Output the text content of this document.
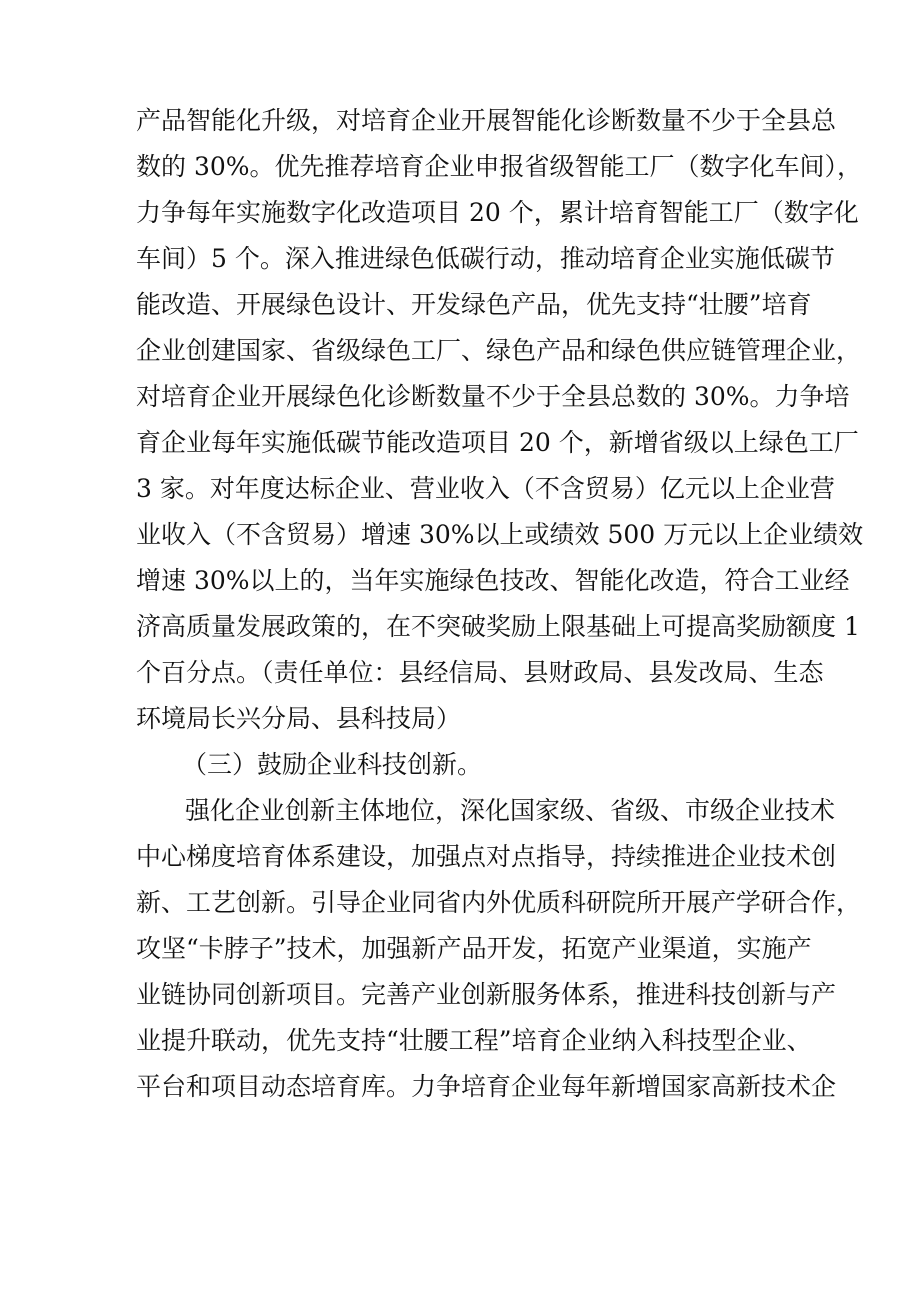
产品智能化升级，对培育企业开展智能化诊断数量不少于全县总
数的 30%。优先推荐培育企业申报省级智能工厂（数字化车间），
力争每年实施数字化改造项目 20 个，累计培育智能工厂（数字化
车间）5 个。深入推进绿色低碳行动，推动培育企业实施低碳节
能改造、开展绿色设计、开发绿色产品，优先支持“壮腰”培育
企业创建国家、省级绿色工厂、绿色产品和绿色供应链管理企业，
对培育企业开展绿色化诊断数量不少于全县总数的 30%。力争培
育企业每年实施低碳节能改造项目 20 个，新增省级以上绿色工厂
3 家。对年度达标企业、营业收入（不含贸易）亿元以上企业营
业收入（不含贸易）增速 30%以上或绩效 500 万元以上企业绩效
增速 30%以上的，当年实施绿色技改、智能化改造，符合工业经
济高质量发展政策的，在不突破奖励上限基础上可提高奖励额度 1
个百分点。（责任单位：县经信局、县财政局、县发改局、生态
环境局长兴分局、县科技局）
（三）鼓励企业科技创新。
强化企业创新主体地位，深化国家级、省级、市级企业技术
中心梯度培育体系建设，加强点对点指导，持续推进企业技术创
新、工艺创新。引导企业同省内外优质科研院所开展产学研合作，
攻坚“卡脖子”技术，加强新产品开发，拓宽产业渠道，实施产
业链协同创新项目。完善产业创新服务体系，推进科技创新与产
业提升联动，优先支持“壮腰工程”培育企业纳入科技型企业、
平台和项目动态培育库。力争培育企业每年新增国家高新技术企
